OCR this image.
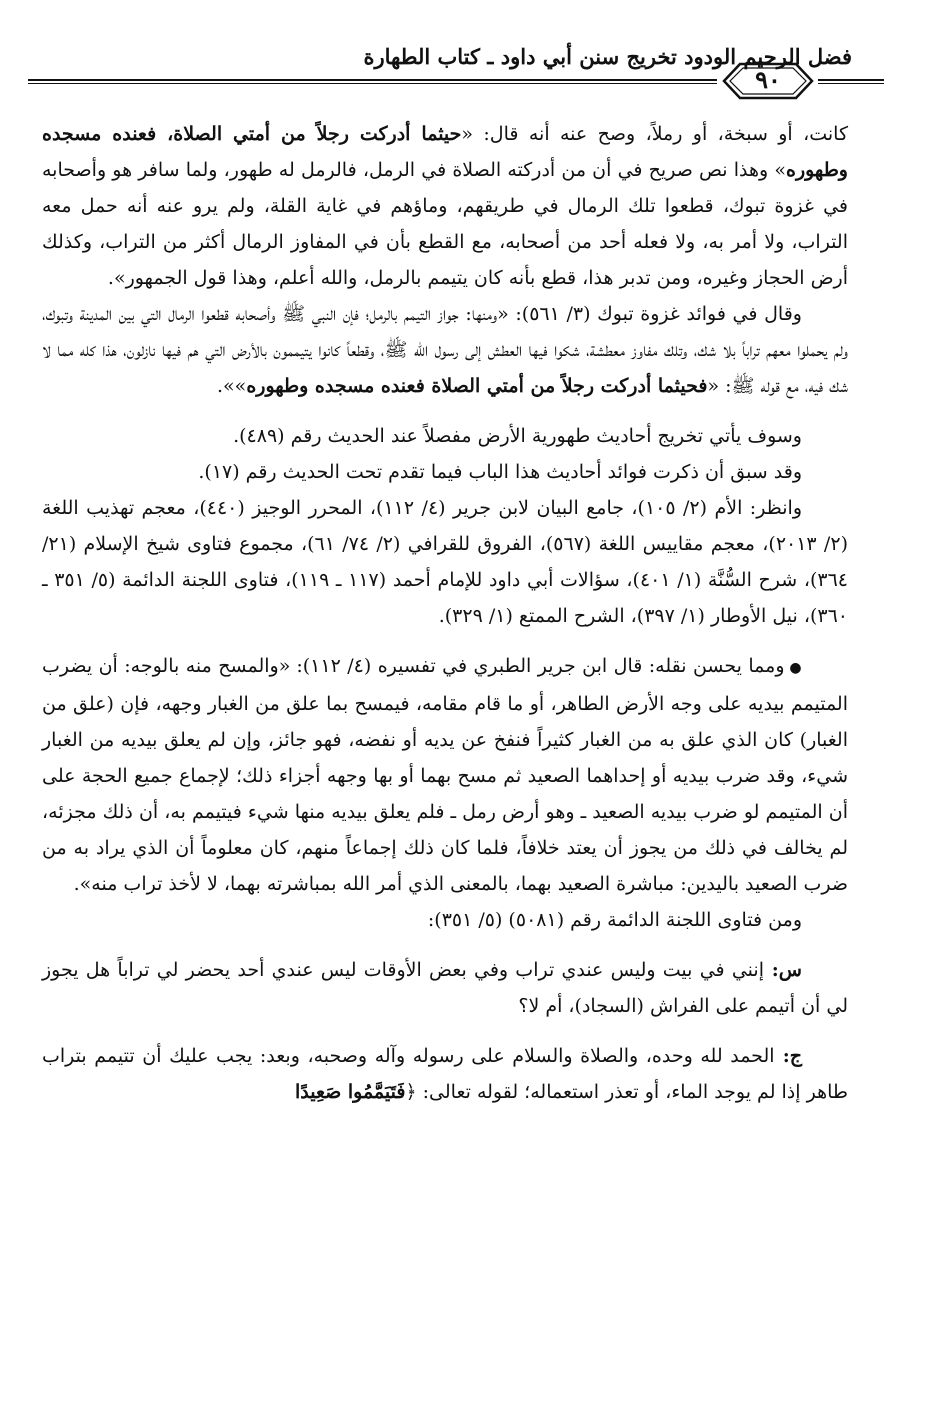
فضل الرحيم الودود تخريج سنن أبي داود ـ كتاب الطهارة
٩٠

كانت، أو سبخة، أو رملاً، وصح عنه أنه قال: «حيثما أدركت رجلاً من أمتي الصلاة، فعنده مسجده وطهوره» وهذا نص صريح في أن من أدركته الصلاة في الرمل، فالرمل له طهور، ولما سافر هو وأصحابه في غزوة تبوك، قطعوا تلك الرمال في طريقهم، وماؤهم في غاية القلة، ولم يرو عنه أنه حمل معه التراب، ولا أمر به، ولا فعله أحد من أصحابه، مع القطع بأن في المفاوز الرمال أكثر من التراب، وكذلك أرض الحجاز وغيره، ومن تدبر هذا، قطع بأنه كان يتيمم بالرمل، والله أعلم، وهذا قول الجمهور».

وقال في فوائد غزوة تبوك (٣/ ٥٦١): «ومنها: جواز التيمم بالرمل؛ فإن النبي ﷺ وأصحابه قطعوا الرمال التي بين المدينة وتبوك، ولم يحملوا معهم تراباً بلا شك، وتلك مفاوز معطشة، شكوا فيها العطش إلى رسول الله ﷺ، وقطعاً كانوا يتيممون بالأرض التي هم فيها نازلون، هذا كله مما لا شك فيه، مع قوله ﷺ: «فحيثما أدركت رجلاً من أمتي الصلاة فعنده مسجده وطهوره»».

وسوف يأتي تخريج أحاديث طهورية الأرض مفصلاً عند الحديث رقم (٤٨٩).

وقد سبق أن ذكرت فوائد أحاديث هذا الباب فيما تقدم تحت الحديث رقم (١٧).

وانظر: الأم (٢/ ١٠٥)، جامع البيان لابن جرير (٤/ ١١٢)، المحرر الوجيز (٤٤٠)، معجم تهذيب اللغة (٢/ ٢٠١٣)، معجم مقاييس اللغة (٥٦٧)، الفروق للقرافي (٢/ ٧٤/ ٦١)، مجموع فتاوى شيخ الإسلام (٢١/ ٣٦٤)، شرح السُّنَّة (١/ ٤٠١)، سؤالات أبي داود للإمام أحمد (١١٧ ـ ١١٩)، فتاوى اللجنة الدائمة (٥/ ٣٥١ ـ ٣٦٠)، نيل الأوطار (١/ ٣٩٧)، الشرح الممتع (١/ ٣٢٩).

● ومما يحسن نقله: قال ابن جرير الطبري في تفسيره (٤/ ١١٢): «والمسح منه بالوجه: أن يضرب المتيمم بيديه على وجه الأرض الطاهر، أو ما قام مقامه، فيمسح بما علق من الغبار وجهه، فإن (علق من الغبار) كان الذي علق به من الغبار كثيراً فنفخ عن يديه أو نفضه، فهو جائز، وإن لم يعلق بيديه من الغبار شيء، وقد ضرب بيديه أو إحداهما الصعيد ثم مسح بهما أو بها وجهه أجزاء ذلك؛ لإجماع جميع الحجة على أن المتيمم لو ضرب بيديه الصعيد ـ وهو أرض رمل ـ فلم يعلق بيديه منها شيء فيتيمم به، أن ذلك مجزئه، لم يخالف في ذلك من يجوز أن يعتد خلافاً، فلما كان ذلك إجماعاً منهم، كان معلوماً أن الذي يراد به من ضرب الصعيد باليدين: مباشرة الصعيد بهما، بالمعنى الذي أمر الله بمباشرته بهما، لا لأخذ تراب منه».

ومن فتاوى اللجنة الدائمة رقم (٥٠٨١) (٥/ ٣٥١):

س: إنني في بيت وليس عندي تراب وفي بعض الأوقات ليس عندي أحد يحضر لي تراباً هل يجوز لي أن أتيمم على الفراش (السجاد)، أم لا؟

ج: الحمد لله وحده، والصلاة والسلام على رسوله وآله وصحبه، وبعد: يجب عليك أن تتيمم بتراب طاهر إذا لم يوجد الماء، أو تعذر استعماله؛ لقوله تعالى: ﴿فَتَيَمَّمُوا صَعِيدًا
